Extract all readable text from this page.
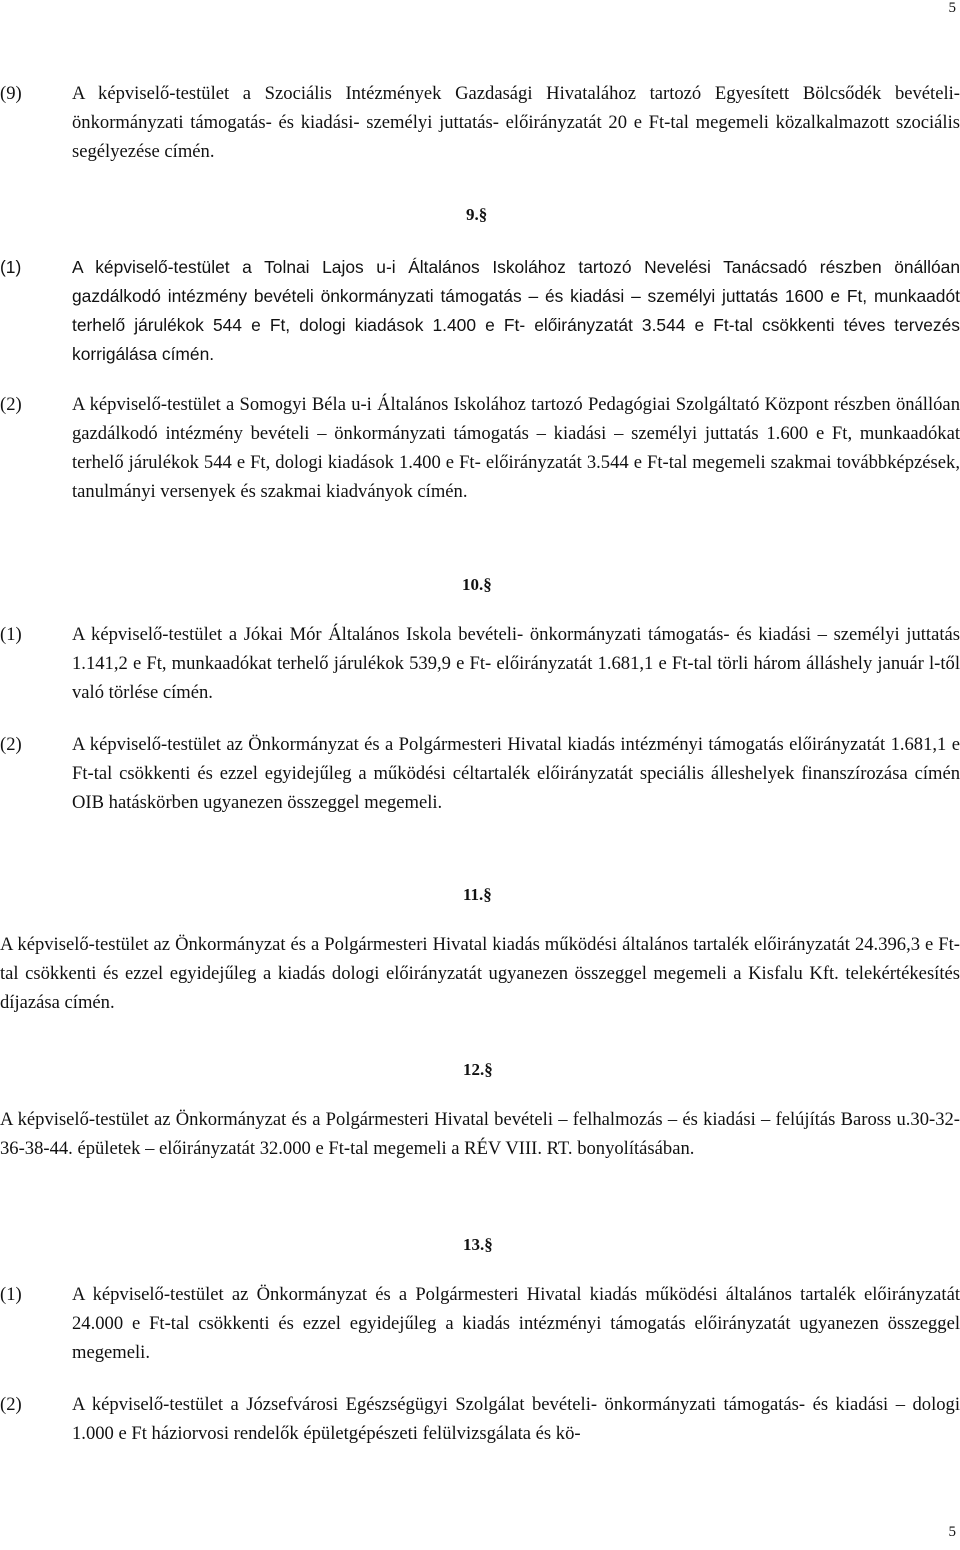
5
(9)	A képviselő-testület a Szociális Intézmények Gazdasági Hivatalához tartozó Egyesített Bölcsődék bevételi- önkormányzati támogatás- és kiadási- személyi juttatás- előirányzatát 20 e Ft-tal megemeli közalkalmazott szociális segélyezése címén.
9.§
(1)	A képviselő-testület a Tolnai Lajos u-i Általános Iskolához tartozó Nevelési Tanácsadó részben önállóan gazdálkodó intézmény bevételi önkormányzati támogatás – és kiadási – személyi juttatás 1600 e Ft, munkaadót terhelő járulékok 544 e Ft, dologi kiadások 1.400 e Ft- előirányzatát 3.544 e Ft-tal csökkenti téves tervezés korrigálása címén.
(2)	A képviselő-testület a Somogyi Béla u-i Általános Iskolához tartozó Pedagógiai Szolgáltató Központ részben önállóan gazdálkodó intézmény bevételi – önkormányzati támogatás – kiadási – személyi juttatás 1.600 e Ft, munkaadókat terhelő járulékok 544 e Ft, dologi kiadások 1.400 e Ft- előirányzatát 3.544 e Ft-tal megemeli szakmai továbbképzések, tanulmányi versenyek és szakmai kiadványok címén.
10.§
(1)	A képviselő-testület a Jókai Mór Általános Iskola bevételi- önkormányzati támogatás- és kiadási – személyi juttatás 1.141,2 e Ft, munkaadókat terhelő járulékok 539,9 e Ft- előirányzatát 1.681,1 e Ft-tal törli három álláshely január l-től való törlése címén.
(2)	A képviselő-testület az Önkormányzat és a Polgármesteri Hivatal kiadás intézményi támogatás előirányzatát 1.681,1 e Ft-tal csökkenti és ezzel egyidejűleg a működési céltartalék előirányzatát speciális álleshelyek finanszírozása címén OIB hatáskörben ugyanezen összeggel megemeli.
11.§
A képviselő-testület az Önkormányzat és a Polgármesteri Hivatal kiadás működési általános tartalék előirányzatát 24.396,3 e Ft-tal csökkenti és ezzel egyidejűleg a kiadás dologi előirányzatát ugyanezen összeggel megemeli a Kisfalu Kft. telekértékesítés díjazása címén.
12.§
A képviselő-testület az Önkormányzat és a Polgármesteri Hivatal bevételi – felhalmozás – és kiadási – felújítás Baross u.30-32-36-38-44. épületek – előirányzatát 32.000 e Ft-tal megemeli a RÉV VIII. RT. bonyolításában.
13.§
(1)	A képviselő-testület az Önkormányzat és a Polgármesteri Hivatal kiadás működési általános tartalék előirányzatát 24.000 e Ft-tal csökkenti és ezzel egyidejűleg a kiadás intézményi támogatás előirányzatát ugyanezen összeggel megemeli.
(2)	A képviselő-testület a Józsefvárosi Egészségügyi Szolgálat bevételi- önkormányzati támogatás- és kiadási – dologi 1.000 e Ft háziorvosi rendelők épületgépészeti felülvizsgálata és kö-
5
